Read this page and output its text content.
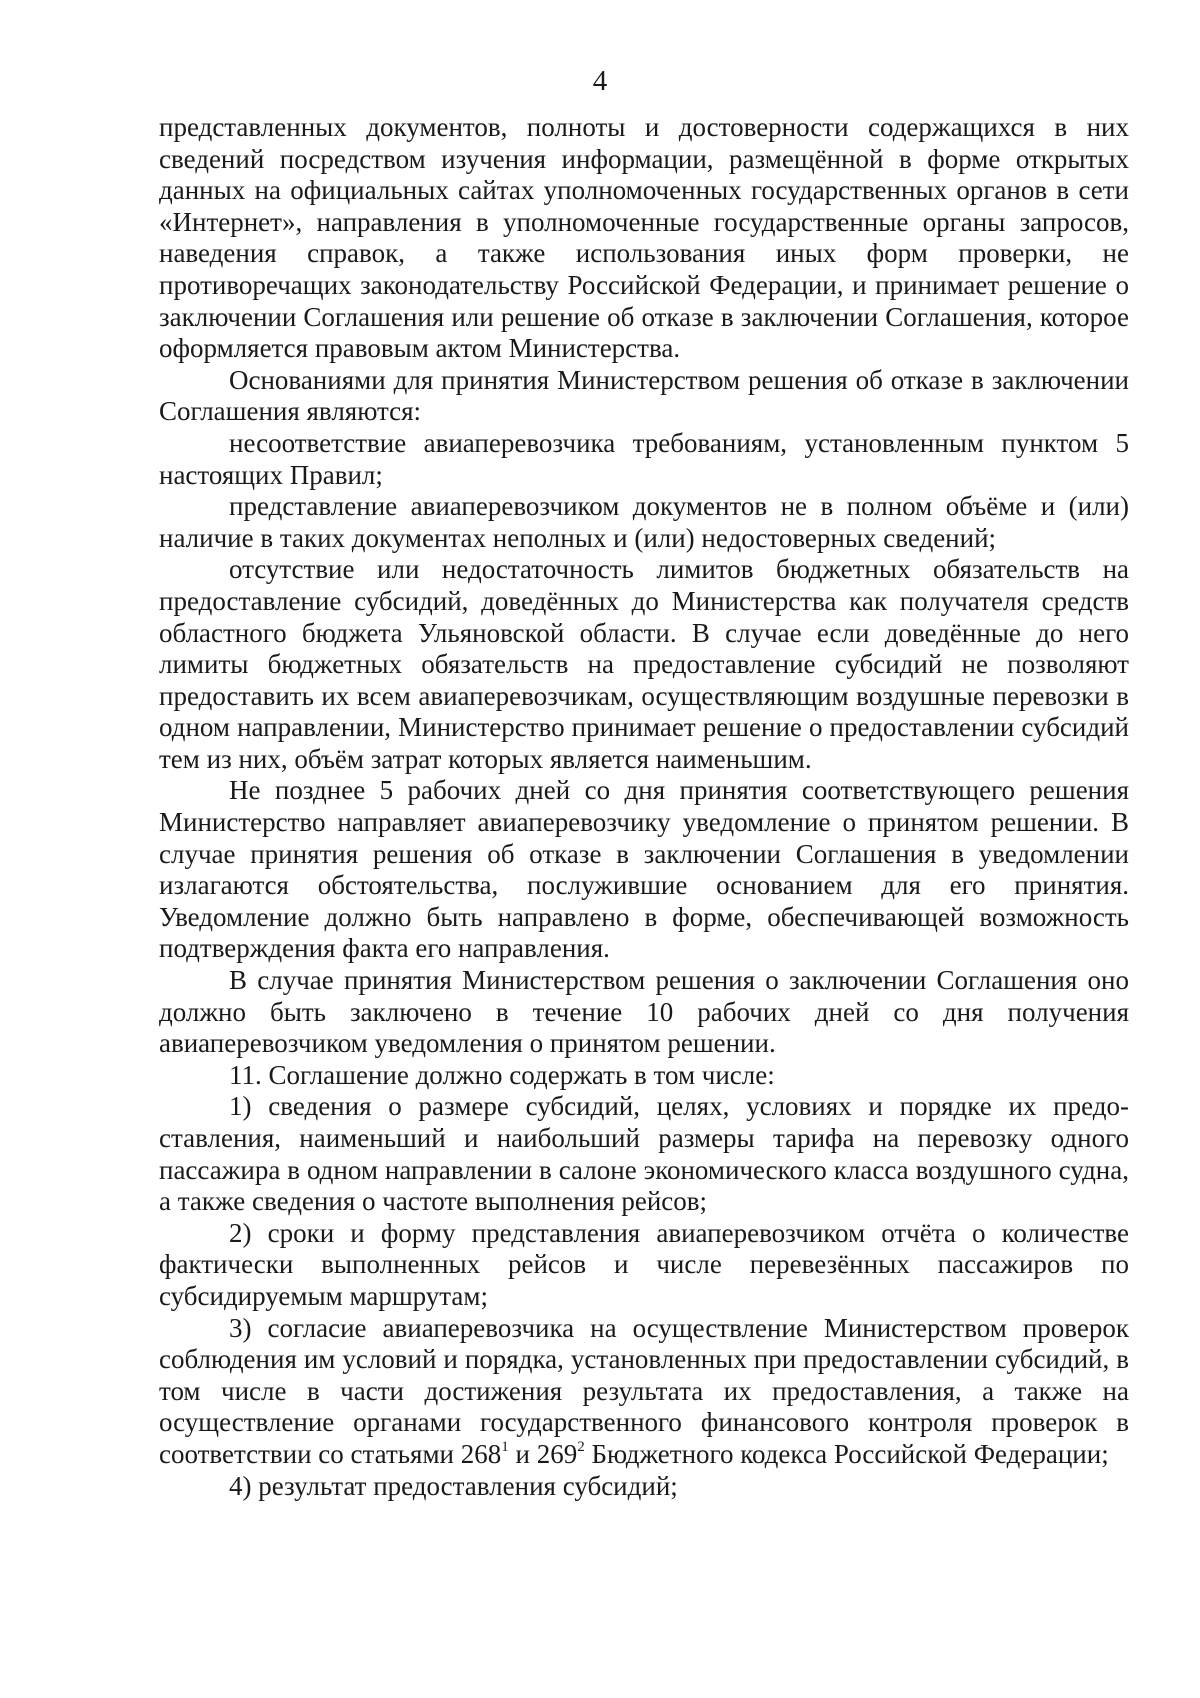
4

представленных документов, полноты и достоверности содержащихся в них сведений посредством изучения информации, размещённой в форме открытых данных на официальных сайтах уполномоченных государственных органов в сети «Интернет», направления в уполномоченные государственные органы запросов, наведения справок, а также использования иных форм проверки, не противоречащих законодательству Российской Федерации, и принимает решение о заключении Соглашения или решение об отказе в заключении Соглашения, которое оформляется правовым актом Министерства.

Основаниями для принятия Министерством решения об отказе в заключении Соглашения являются:

несоответствие авиаперевозчика требованиям, установленным пунктом 5 настоящих Правил;

представление авиаперевозчиком документов не в полном объёме и (или) наличие в таких документах неполных и (или) недостоверных сведений;

отсутствие или недостаточность лимитов бюджетных обязательств на предоставление субсидий, доведённых до Министерства как получателя средств областного бюджета Ульяновской области. В случае если доведённые до него лимиты бюджетных обязательств на предоставление субсидий не позволяют предоставить их всем авиаперевозчикам, осуществляющим воздушные перевозки в одном направлении, Министерство принимает решение о предоставлении субсидий тем из них, объём затрат которых является наименьшим.

Не позднее 5 рабочих дней со дня принятия соответствующего решения Министерство направляет авиаперевозчику уведомление о принятом решении. В случае принятия решения об отказе в заключении Соглашения в уведомлении излагаются обстоятельства, послужившие основанием для его принятия. Уведомление должно быть направлено в форме, обеспечивающей возможность подтверждения факта его направления.

В случае принятия Министерством решения о заключении Соглашения оно должно быть заключено в течение 10 рабочих дней со дня получения авиаперевозчиком уведомления о принятом решении.

11. Соглашение должно содержать в том числе:

1) сведения о размере субсидий, целях, условиях и порядке их предо-ставления, наименьший и наибольший размеры тарифа на перевозку одного пассажира в одном направлении в салоне экономического класса воздушного судна, а также сведения о частоте выполнения рейсов;

2) сроки и форму представления авиаперевозчиком отчёта о количестве фактически выполненных рейсов и числе перевезённых пассажиров по субсидируемым маршрутам;

3) согласие авиаперевозчика на осуществление Министерством проверок соблюдения им условий и порядка, установленных при предоставлении субсидий, в том числе в части достижения результата их предоставления, а также на осуществление органами государственного финансового контроля проверок в соответствии со статьями $268^1$ и $269^2$ Бюджетного кодекса Российской Федерации;

4) результат предоставления субсидий;
